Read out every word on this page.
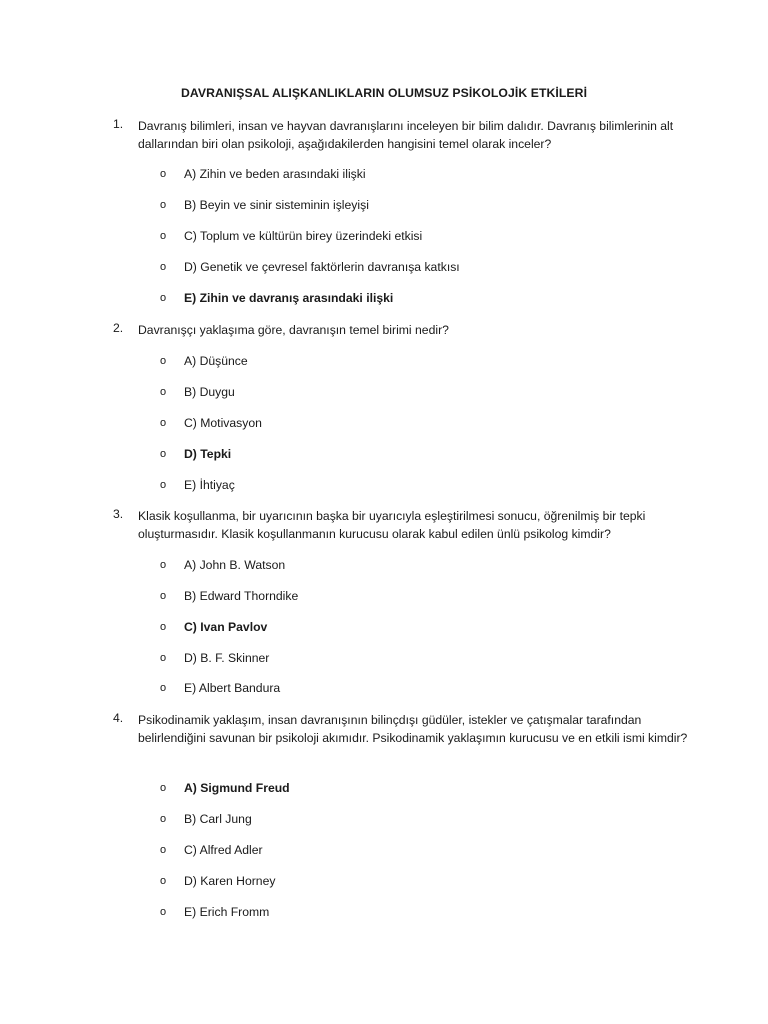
DAVRANIŞSAL ALIŞKANLIKLARIN OLUMSUZ PSİKOLOJİK ETKİLERİ
1.	Davranış bilimleri, insan ve hayvan davranışlarını inceleyen bir bilim dalıdır. Davranış bilimlerinin alt dallarından biri olan psikoloji, aşağıdakilerden hangisini temel olarak inceler?
o A) Zihin ve beden arasındaki ilişki
o B) Beyin ve sinir sisteminin işleyişi
o C) Toplum ve kültürün birey üzerindeki etkisi
o D) Genetik ve çevresel faktörlerin davranışa katkısı
o E) Zihin ve davranış arasındaki ilişki
2.	Davranışçı yaklaşıma göre, davranışın temel birimi nedir?
o A) Düşünce
o B) Duygu
o C) Motivasyon
o D) Tepki
o E) İhtiyaç
3.	Klasik koşullanma, bir uyarıcının başka bir uyarıcıyla eşleştirilmesi sonucu, öğrenilmiş bir tepki oluşturmasıdır. Klasik koşullanmanın kurucusu olarak kabul edilen ünlü psikolog kimdir?
o A) John B. Watson
o B) Edward Thorndike
o C) Ivan Pavlov
o D) B. F. Skinner
o E) Albert Bandura
4.	Psikodinamik yaklaşım, insan davranışının bilinçdışı güdüler, istekler ve çatışmalar tarafından belirlendiğini savunan bir psikoloji akımıdır. Psikodinamik yaklaşımın kurucusu ve en etkili ismi kimdir?
o A) Sigmund Freud
o B) Carl Jung
o C) Alfred Adler
o D) Karen Horney
o E) Erich Fromm
